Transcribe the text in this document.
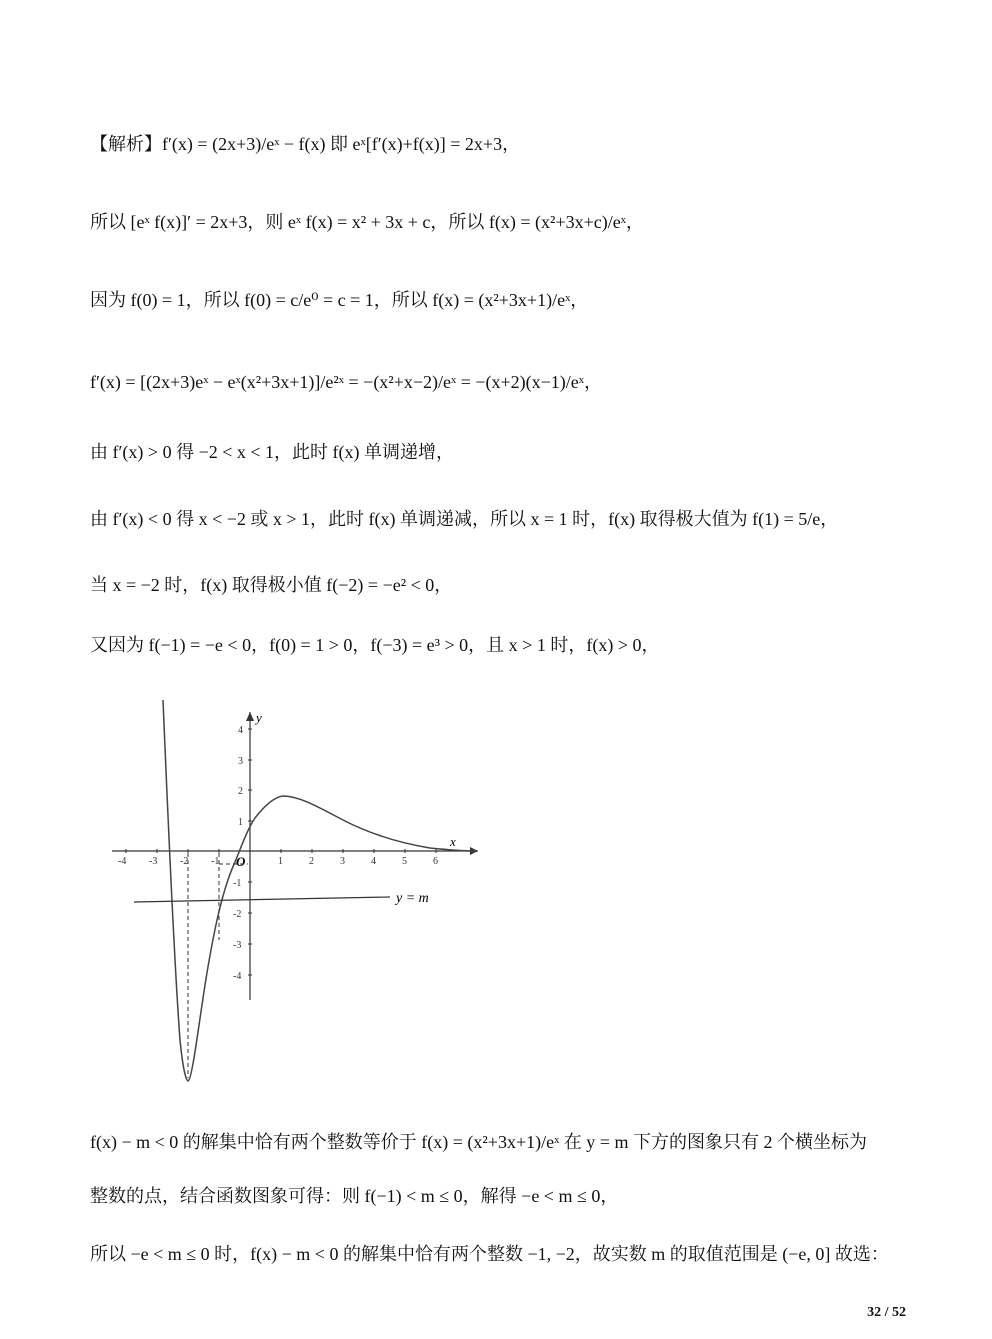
【解析】f′(x) = (2x+3)/eˣ − f(x) 即 eˣ[f′(x)+f(x)] = 2x+3，
所以 [eˣ f(x)]′ = 2x+3，则 eˣ f(x) = x² + 3x + c，所以 f(x) = (x²+3x+c)/eˣ，
因为 f(0) = 1，所以 f(0) = c/e⁰ = c = 1，所以 f(x) = (x²+3x+1)/eˣ，
f′(x) = [(2x+3)eˣ − eˣ(x²+3x+1)]/e²ˣ = −(x²+x−2)/eˣ = −(x+2)(x−1)/eˣ，
由 f′(x) > 0 得 −2 < x < 1，此时 f(x) 单调递增，
由 f′(x) < 0 得 x < −2 或 x > 1，此时 f(x) 单调递减，所以 x = 1 时，f(x) 取得极大值为 f(1) = 5/e，
当 x = −2 时，f(x) 取得极小值 f(−2) = −e² < 0，
又因为 f(−1) = −e < 0，f(0) = 1 > 0，f(−3) = e³ > 0，且 x > 1 时，f(x) > 0，
x
y
O
-4 -3 -2 -1	1	2	3	4	5	6
4
3
2
1
-1
-2
-3
-4
y = m
f(x) − m < 0 的解集中恰有两个整数等价于 f(x) = (x²+3x+1)/eˣ 在 y = m 下方的图象只有 2 个横坐标为
整数的点，结合函数图象可得：则 f(−1) < m ≤ 0，解得 −e < m ≤ 0，
所以 −e < m ≤ 0 时，f(x) − m < 0 的解集中恰有两个整数 −1, −2，故实数 m 的取值范围是 (−e, 0] 故选：
32 / 52
